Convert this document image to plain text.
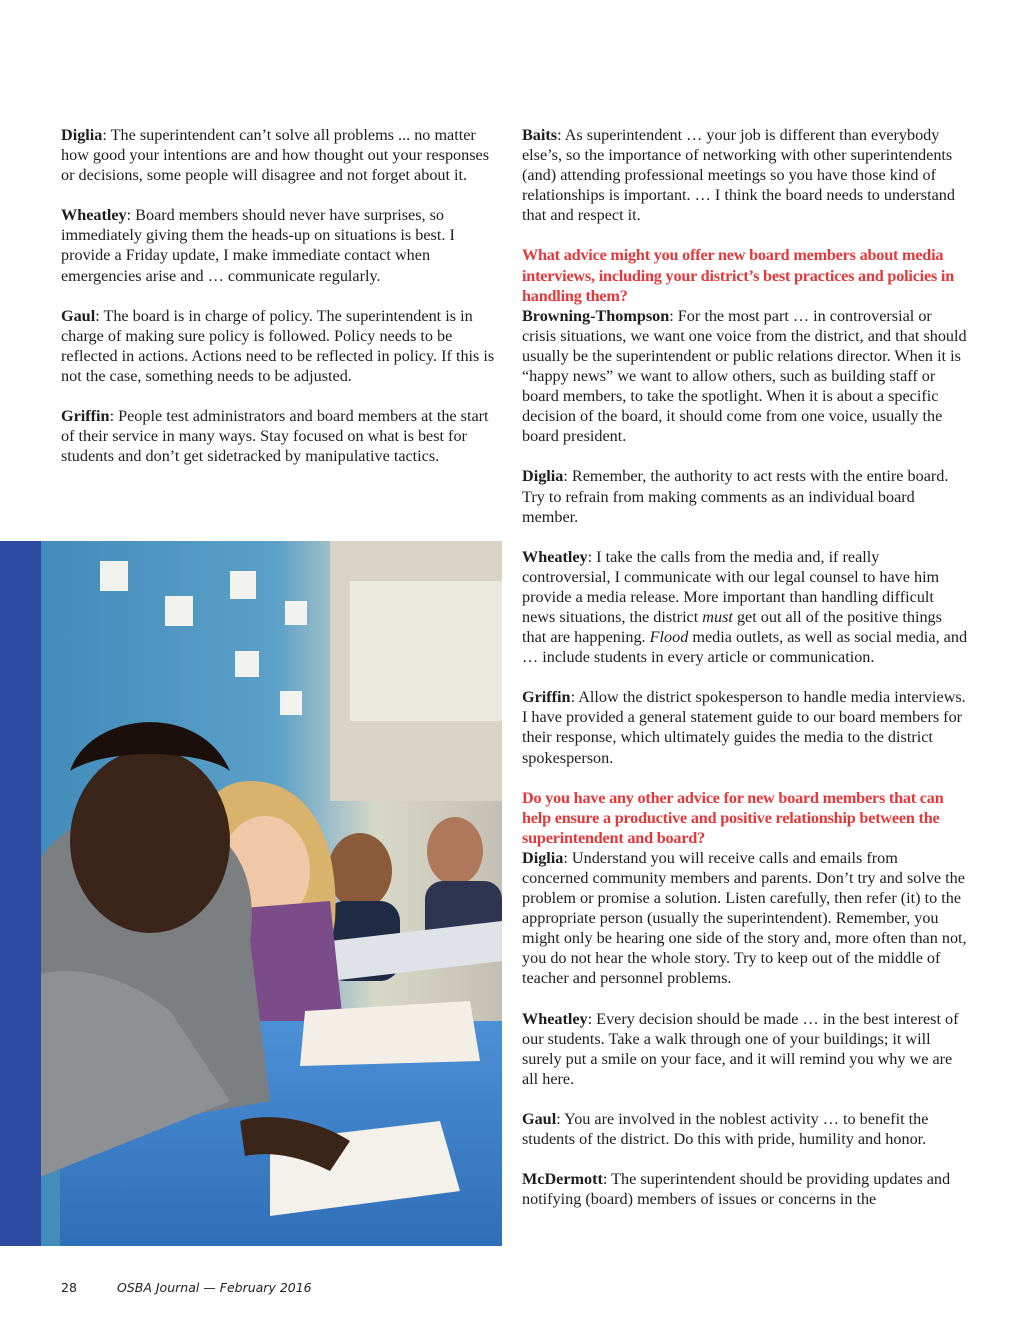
Diglia: The superintendent can’t solve all problems ... no matter how good your intentions are and how thought out your responses or decisions, some people will disagree and not forget about it.

Wheatley: Board members should never have surprises, so immediately giving them the heads-up on situations is best. I provide a Friday update, I make immediate contact when emergencies arise and … communicate regularly.

Gaul: The board is in charge of policy. The superintendent is in charge of making sure policy is followed. Policy needs to be reflected in actions. Actions need to be reflected in policy. If this is not the case, something needs to be adjusted.

Griffin: People test administrators and board members at the start of their service in many ways. Stay focused on what is best for students and don’t get sidetracked by manipulative tactics.

Baits: As superintendent … your job is different than everybody else’s, so the importance of networking with other superintendents (and) attending professional meetings so you have those kind of relationships is important. … I think the board needs to understand that and respect it.

What advice might you offer new board members about media interviews, including your district’s best practices and policies in handling them?

Browning-Thompson: For the most part … in controversial or crisis situations, we want one voice from the district, and that should usually be the superintendent or public relations director. When it is “happy news” we want to allow others, such as building staff or board members, to take the spotlight. When it is about a specific decision of the board, it should come from one voice, usually the board president.

Diglia: Remember, the authority to act rests with the entire board. Try to refrain from making comments as an individual board member.

Wheatley: I take the calls from the media and, if really controversial, I communicate with our legal counsel to have him provide a media release. More important than handling difficult news situations, the district must get out all of the positive things that are happening. Flood media outlets, as well as social media, and … include students in every article or communication.

Griffin: Allow the district spokesperson to handle media interviews. I have provided a general statement guide to our board members for their response, which ultimately guides the media to the district spokesperson.

Do you have any other advice for new board members that can help ensure a productive and positive relationship between the superintendent and board?

Diglia: Understand you will receive calls and emails from concerned community members and parents. Don’t try and solve the problem or promise a solution. Listen carefully, then refer (it) to the appropriate person (usually the superintendent). Remember, you might only be hearing one side of the story and, more often than not, you do not hear the whole story. Try to keep out of the middle of teacher and personnel problems.

Wheatley: Every decision should be made … in the best interest of our students. Take a walk through one of your buildings; it will surely put a smile on your face, and it will remind you why we are all here.

Gaul: You are involved in the noblest activity … to benefit the students of the district. Do this with pride, humility and honor.

McDermott: The superintendent should be providing updates and notifying (board) members of issues or concerns in the

28	OSBA Journal — February 2016
